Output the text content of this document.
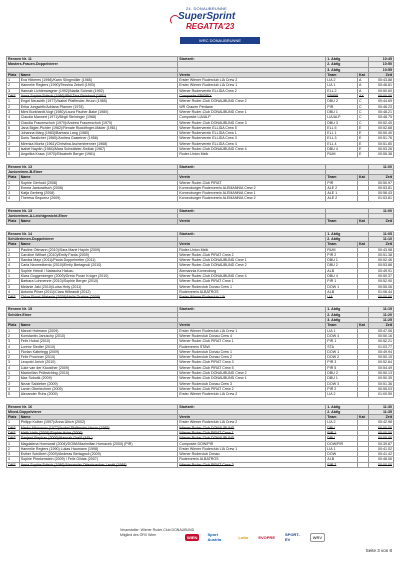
24. DONAUBRUNNE
SuperSprint
REGATTA'23
WRC DONAUBRUNNE
Rennen Nr. 11		Startzeit:	1. Abtlg		10:45
Masters-Frauen-Doppelvierer			2. Abtlg		10:50
			3. Abtlg		10:55
Platz	Name	Verein	Team	Kat	Zeit
1	Eva Hilberes (1998)/Karin Slingmüller (1985)	Erster Wiener Ruderclub LIA Crew 2	LIA 2	A	00:43.88
2	Hannelie Reglers (1990)/Tessina Zebell (1993)	Erster Wiener Ruderclub LIA Crew 1	LIA 1	A	00:46.81
3	Hannah Lichtenwagner (1992)/Nadia Schmid (1992)	Wiener Ruderverein ELLIDA Crew 2	ELL 2	A	00:50.60
DNS	Anna-Sophie Fritsch (1986)/Phil Tina Reinhauf (1981)	Composite FRIPRIX	FRIPR	AX	00:00.00
1	Engel Neuwirth (1977)/Isabel Pfaffender-Hruon (1985)	Wiener Ruder-Club DONAUBUND Crew 2	DBU 2	C	00:44.69
2	Erika Jungwirth/Adriana Pfanner (1978)	WR Grauen Perdane	PIR	C	00:46.23
3	Mimi Burkhardt-Vogt (1980)/Laura Fischer-Bake (1980)	Wiener Ruder-Club DONAUBUND Crew 1	DBU 1	C	00:48.21
4	Claudia Mannert (1971)/Birgit Steininger (1968)	Composite LIA/ALP	LIA/ALP	C	00:48.75
5	Claudia Frauenschuh (1970)/Andrea Frauenschuh (1970)	Wiener Ruder-Club DONAUBUND Crew 3	DBU 3	C	00:52.40
6	Jana Bigler-Pichler (1962)/Renate Rudolfinger-Mäder (1961)	Wiener Ruderverein ELLIDA Crew 5	ELL 5	E	00:52.68
1	Johanna Marg (1983)/Barbara Lang (1980)	Wiener Ruderverein ELLIDA Crew 1	ELL 1	E	00:50.40
2	Doris Tasslicher (1960)/Andrea Gasteiner (1958)	Wiener Ruderverein ELLIDA Crew 3	ELL 3	E	00:51.76
3	Mirenka Moritz (1961)/Christina Aschenbrenner (1968)	Wiener Ruderverein ELLIDA Crew 4	ELL 4	E	00:51.80
4	Isabel Naydin (1984)/Mara Schwätzler-Sedlak (1967)	Wiener Ruder-Club DONAUBUND Crew 4	DBU 4	E	00:53.26
5	Angelika Kraus (1970)/Elisabeth Berger (1961)	Ruder-Union Melk	RUM	E	00:55.38
Rennen Nr. 13		Startzeit:			11:00
Junioreinen-B-Einer					
Platz	Name	Verein	Team	Kat	Zeit
1	Sophie Gerhold (2008)	Wiener Ruder-Club PIRAT	PIR		00:50.97
2	Emma Jankowitsch (2008)	Korneuburger Ruderverein ALEMANNIA Crew 2	ALE 2		00:53.81
3	Katja Gerberg (2008)	Korneuburger Ruderverein ALEMANNIA Crew 1	ALE 1		00:56.43
4	Theresa Sequenz (2009)	Korneuburger Ruderverein ALEMANNIA Crew 2	ALE 2		01:03.81
Rennen Nr. 13		Startzeit:			11:00
Junioreinen-A-Leichtgewicht-Einer					
Platz	Name	Verein	Team	Kat	Zeit
Rennen Nr. 14		Startzeit:	1. Abtlg		11:05
Schülerinnen-Doppelvierer			2. Abtlg		11:10
Platz	Name	Verein	Team	Kat	Zeit
1	Pauline Ottmann (2010)/Sara Marie Haydn (2009)	Ruder-Union Melk	RUM		00:43.98
2	Caroline Wilhart (2010)/Emily Fanta (2009)	Wiener Ruder-Club PIRAT Crew 2	PIR 2		00:51.38
3	Sandra Mayr (2011)/Paula Doppelrreiter (2011)	Wiener Ruder-Club DONAUBUND Crew 1	DBU 1		00:52.46
4	Carla Neumeikerdo (2010)/Emily Bertagnoli (2010)	Wiener Ruder-Club DONAUBUND Crew 2	DBU 2		00:53.88
5	Sophie Heindl / Natascha Haluzu	Alemannia Korneuburg	ALB		00:49.91
1	Klara Guggenberger (2009)/Greta Puran Krüger (2010)	Wiener Ruder-Club DONAUBUND Crew 4	DBU 4		00:50.37
2	Barbara Lohmenne (2010)/Sophie Berger (2010)	Wiener Ruder-Club PIRAT Crew 1	PIR 1		00:52.90
3	Melanie Jakl (2010)/Luisa Hrdy (2011)	Wiener Ruderclub Donau Crew 1	DOW 1		00:55.06
4	Antonia Pilner (2011)/Clara Hilbrandt (2012)	Ruderverein ALBATROS	ALB		01:06.44
DNS	Chloe Ronai /Melanie (2009)/Hella Grabbe (2009)	Erster Wiener Ruderclub LIA	LIA		00:00.00
Rennen Nr. 15		Startzeit:	1. Abtlg		11:15
Schüler-Einer			2. Abtlg		11:20
			3. Abtlg		11:25
Platz	Name	Verein	Team	Kat	Zeit
1	Marcel Hofmann (2009)	Erster Wiener Ruderclub LIA Crew 1	LIA 1		00:47.06
2	Konstantin Januschy (2010)	Wiener Ruderclub Donau Crew 4	DOW 4		00:50.16
3	Felix Hubai (2010)	Wiener Ruder-Club PIRAT Crew 1	PIR 1		00:52.21
4	Lorenz Siedler (2010)	Ruderverein STAW	STA		01:03.77
1	Florian Kabelegg (2009)	Wiener Ruderclub Donau Crew 1	DOW 1		00:49.94
2	Felix Prochner (2010)	Wiener Ruderclub Donau Crew 2	DOW 2		00:50.15
3	Leopold Jerich (2010)	Wiener Ruder-Club PIRAT Crew 3	PIR 3		00:52.64
4	Luke van der Kloosther (2009)	Wiener Ruder-Club PIRAT Crew 5	PIR 5		00:54.49
1	Maximilian Pröbstching (2010)	Wiener Ruder-Club DONAUBUND Crew 2	DBU 2		00:50.13
2	Max Sobotik (2009)	Wiener Ruder-Club DONAUBUND Crew 1	DBU 1		00:50.35
3	Nezar Salzleber (2009)	Wiener Ruderclub Donau Crew 3	DOW 3		00:51.36
4	Lamin Oberlechner (2009)	Wiener Ruder-Club PIRAT Crew 2	PIR 2		00:55.03
5	Alexander Ruhs (2009)	Erster Wiener Ruderclub LIA Crew 2	LIA 2		01:00.59
Rennen Nr. 16		Startzeit:	1. Abtlg		11:30
Mixed-Doppelvierer			2. Abtlg		11:35
Platz	Name	Verein	Team	Kat	Zeit
1	Philipp Kolber (1997)/Anna Ulrich (2002)	Erster Wiener Ruderclub LIA Crew 2	LIA 2		00:42.98
DNS	Marko Milosavac (1977)/Isabel Pfaffender-Hruon (1985)	Wiener Ruder-Club DONAUBUND	DBU		00:00.00
DNS	Malik Halls (2009)/Sophie Hube (2006)	Wiener Ruder-Club PIRAT Crew 1	PIR 1		00:00.00
DNS	Sanjeet Stephan (2009)/Hannah Greiß (ADL)	Wiener Ruder-Club DONAUBUND	DBU		00:00.00
1	Magdalena Hornswall (2004)/DOWI/Maximilian Hornacek (2000) (PIR)	Composite DOW/PIR	DOW/PIR		00:39.87
2	Hannelie Reglers (1990) Lukas Haumann (1998)	Erster Wiener Ruderclub LIA Crew 1	LIA 1		00:41.02
3	Esther Schöbert (2009)/Andreas Bertagnoli (2009)	Wiener Ruderclub Donau	DOW		00:41.42
4	Sophie Plenkenstein (2009) / Felix Gildas (2007)	Ruderverein ALBATROS	ALB		00:48.06
DNS	Anna-Sophie Fritsch (1986)/Alexander Ottenhuecher-Lewitt (1988)	Wiener Ruder-Club PIRAT Crew 2	PIR 2		00:00.00
Veranstalter: Wiener Ruder-Club DONAUBUND
Mitglied des ÖRV Wien	WIEN	Sport Austria	Lotto	EVOPRE	SPORT-EV	WRV
Seite 3 von 8
